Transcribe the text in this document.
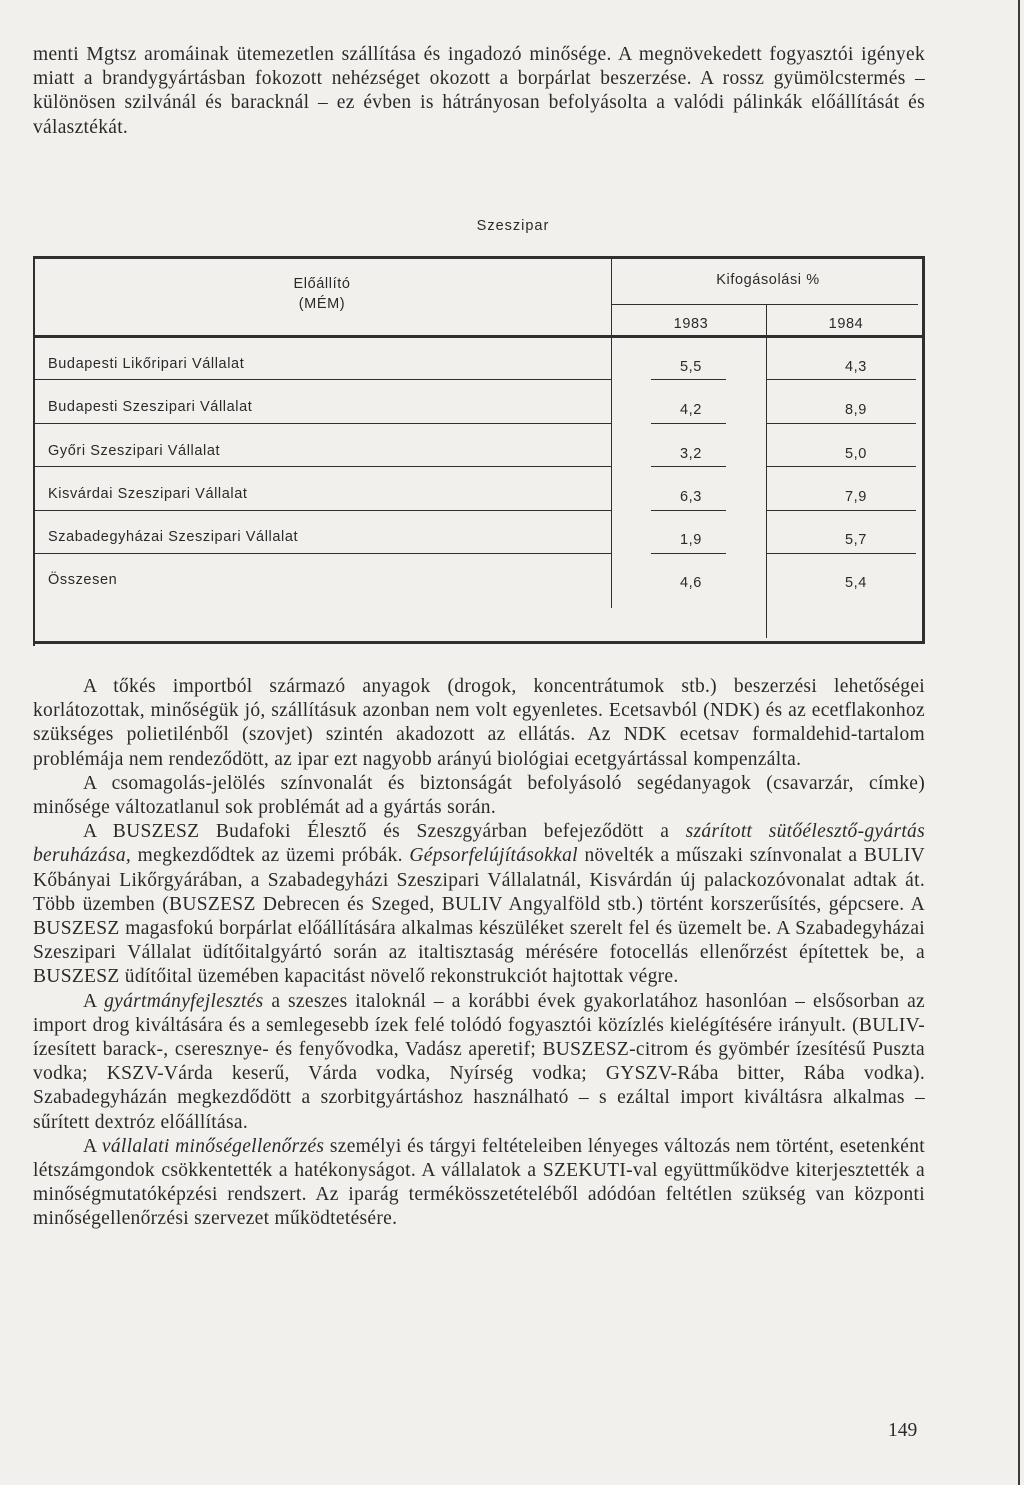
menti Mgtsz aromáinak ütemezetlen szállítása és ingadozó minősége. A megnövekedett fogyasztói igények miatt a brandygyártásban fokozott nehézséget okozott a borpárlat beszerzése. A rossz gyümölcstermés – különösen szilvánál és baracknál – ez évben is hátrányosan befolyásolta a valódi pálinkák előállítását és választékát.

Szeszipar
Előállító
(MÉM)
Kifogásolási %
1983	1984
Budapesti Likőripari Vállalat	5,5	4,3
Budapesti Szeszipari Vállalat	4,2	8,9
Győri Szeszipari Vállalat	3,2	5,0
Kisvárdai Szeszipari Vállalat	6,3	7,9
Szabadegyházai Szeszipari Vállalat	1,9	5,7
Összesen	4,6	5,4

A tőkés importból származó anyagok (drogok, koncentrátumok stb.) beszerzési lehetőségei korlátozottak, minőségük jó, szállításuk azonban nem volt egyenletes. Ecetsavból (NDK) és az ecetflakonhoz szükséges polietilénből (szovjet) szintén akadozott az ellátás. Az NDK ecetsav formaldehid-tartalom problémája nem rendeződött, az ipar ezt nagyobb arányú biológiai ecetgyártással kompenzálta.

A csomagolás-jelölés színvonalát és biztonságát befolyásoló segédanyagok (csavarzár, címke) minősége változatlanul sok problémát ad a gyártás során.

A BUSZESZ Budafoki Élesztő és Szeszgyárban befejeződött a szárított sütőélesztő-gyártás beruházása, megkezdődtek az üzemi próbák. Gépsorfelújításokkal növelték a műszaki színvonalat a BULIV Kőbányai Likőrgyárában, a Szabadegyházi Szeszipari Vállalatnál, Kisvárdán új palackozóvonalat adtak át. Több üzemben (BUSZESZ Debrecen és Szeged, BULIV Angyalföld stb.) történt korszerűsítés, gépcsere. A BUSZESZ magasfokú borpárlat előállítására alkalmas készüléket szerelt fel és üzemelt be. A Szabadegyházai Szeszipari Vállalat üdítőitalgyártó során az italtisztaság mérésére fotocellás ellenőrzést építettek be, a BUSZESZ üdítőital üzemében kapacitást növelő rekonstrukciót hajtottak végre.

A gyártmányfejlesztés a szeszes italoknál – a korábbi évek gyakorlatához hasonlóan – elsősorban az import drog kiváltására és a semlegesebb ízek felé tolódó fogyasztói közízlés kielégítésére irányult. (BULIV-ízesített barack-, cseresznye- és fenyővodka, Vadász aperetif; BUSZESZ-citrom és gyömbér ízesítésű Puszta vodka; KSZV-Várda keserű, Várda vodka, Nyírség vodka; GYSZV-Rába bitter, Rába vodka). Szabadegyházán megkezdődött a szorbitgyártáshoz használható – s ezáltal import kiváltásra alkalmas – sűrített dextróz előállítása.

A vállalati minőségellenőrzés személyi és tárgyi feltételeiben lényeges változás nem történt, esetenként létszámgondok csökkentették a hatékonyságot. A vállalatok a SZEKUTI-val együttműködve kiterjesztették a minőségmutatóképzési rendszert. Az iparág termékösszetételéből adódóan feltétlen szükség van központi minőségellenőrzési szervezet működtetésére.

149
